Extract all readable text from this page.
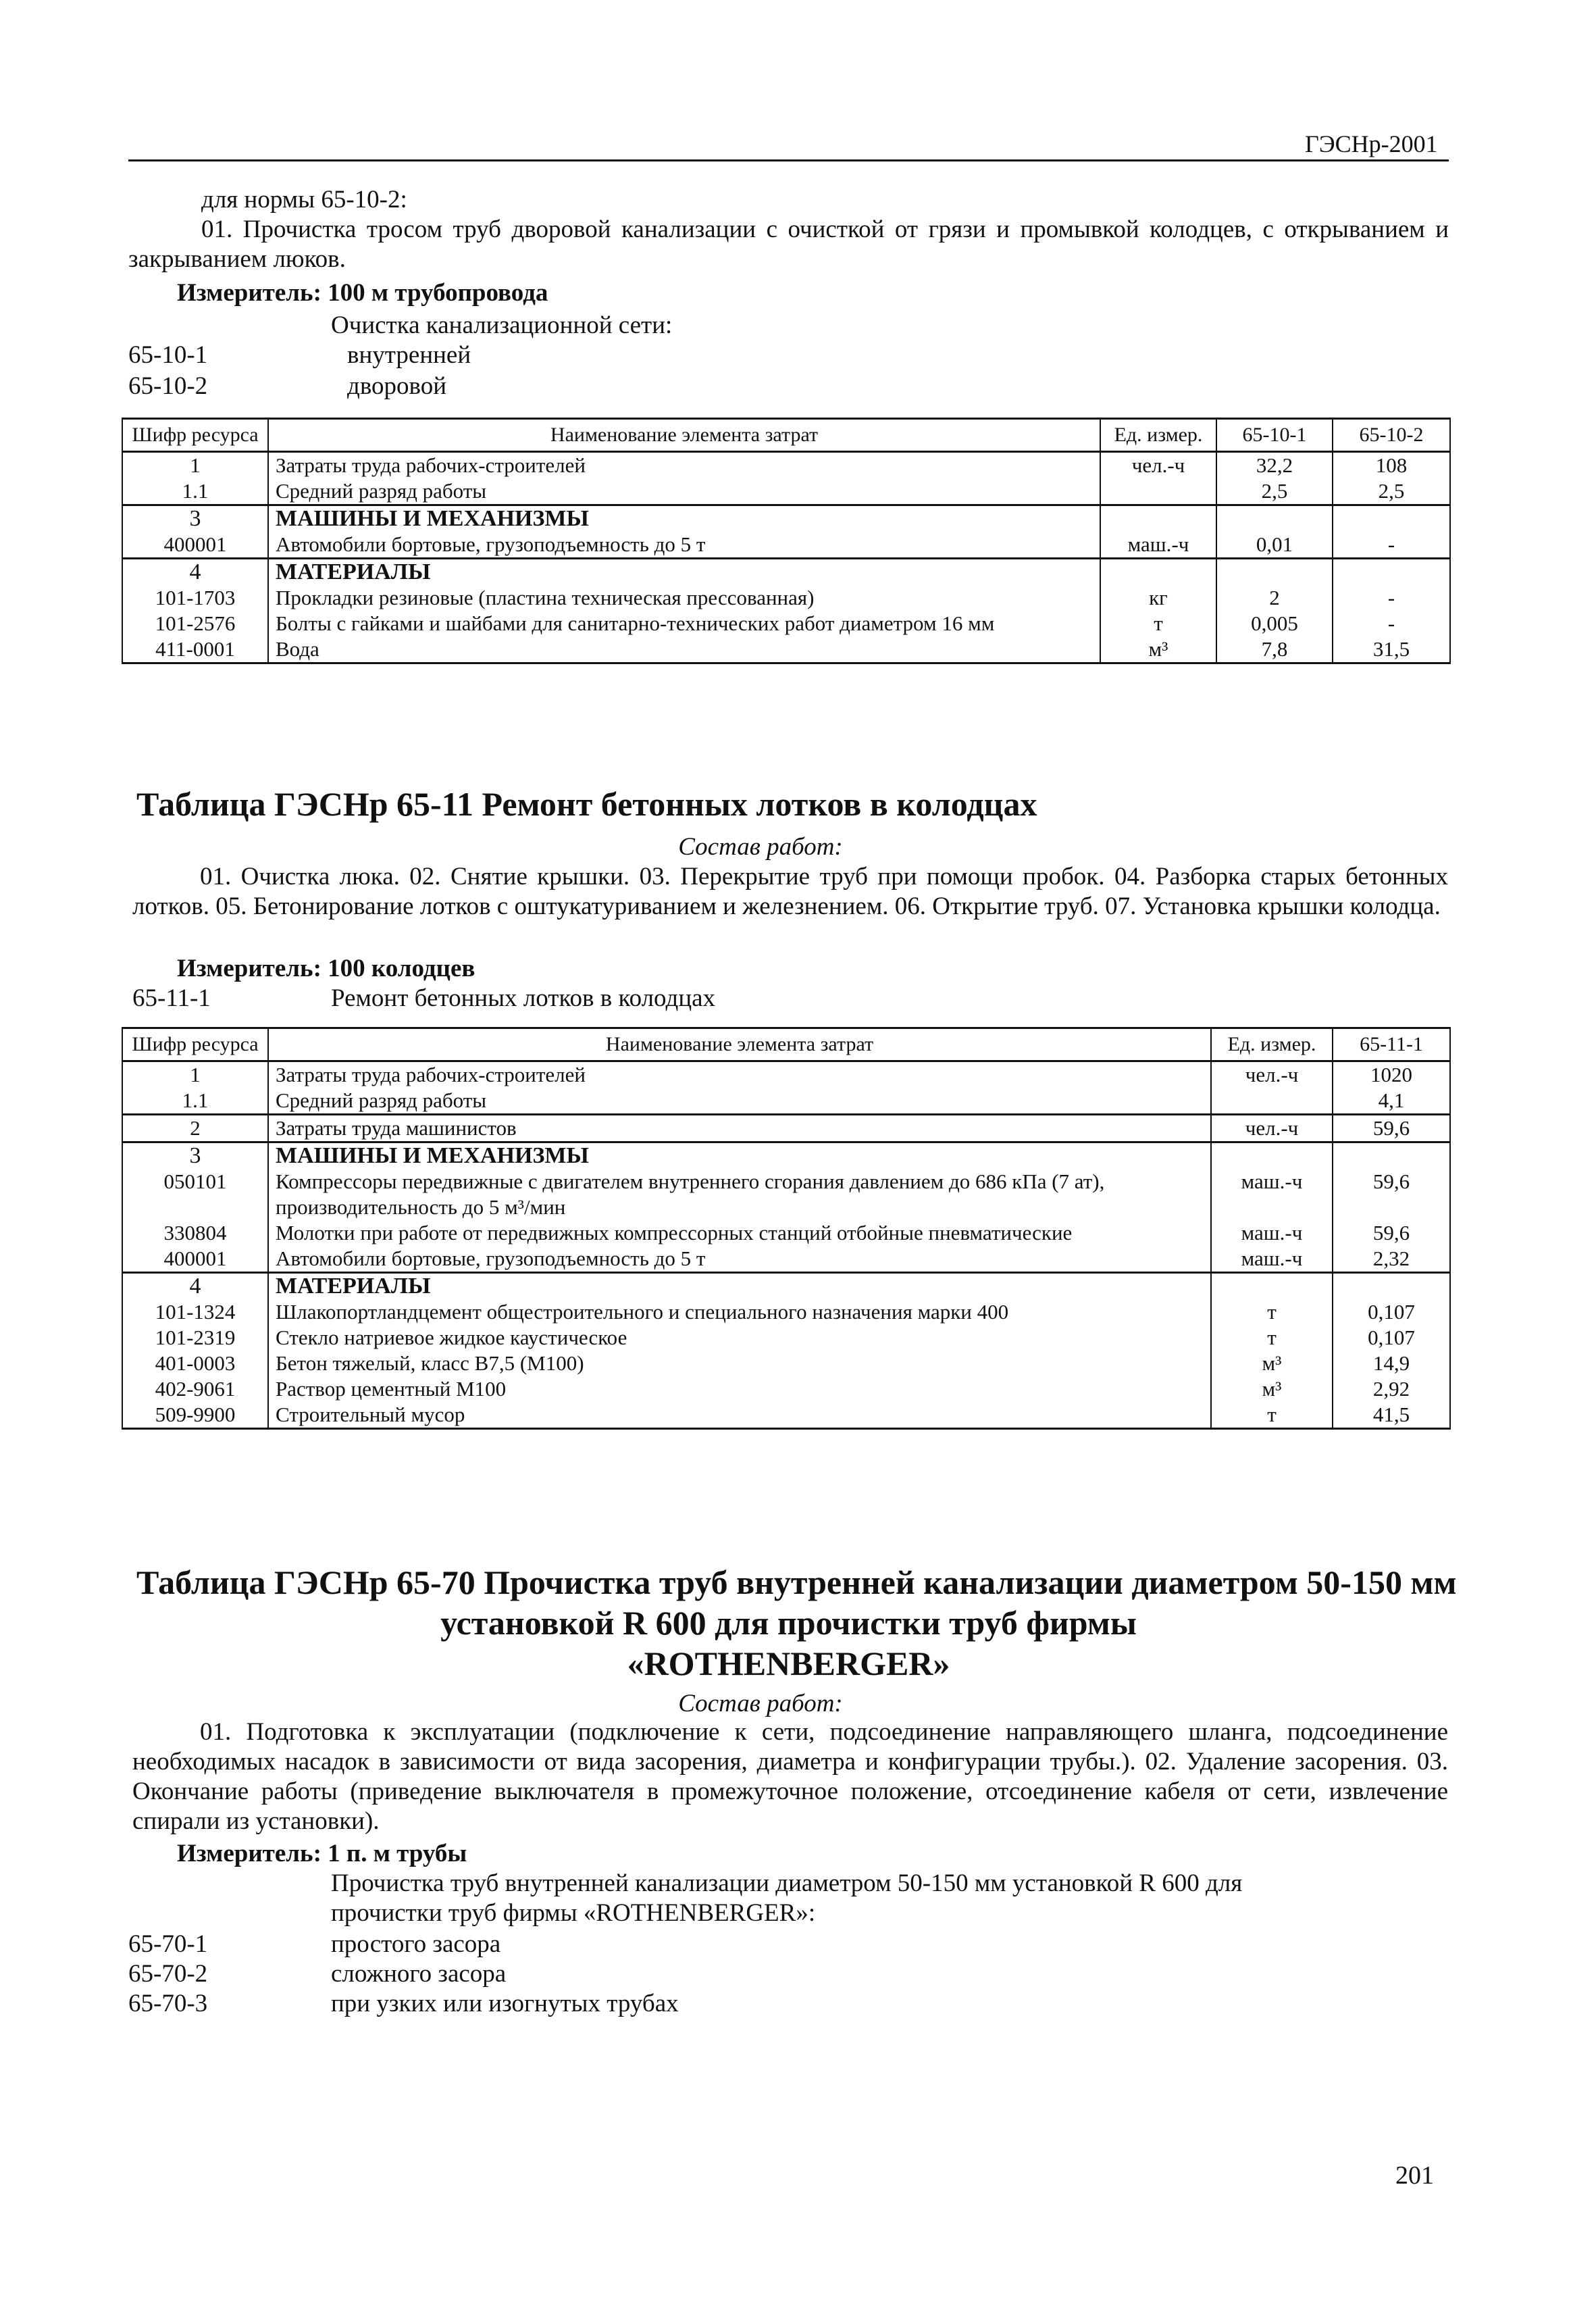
ГЭСНр-2001
для нормы 65-10-2:
01. Прочистка тросом труб дворовой канализации с очисткой от грязи и промывкой колодцев, с открыванием и закрыванием люков.
Измеритель: 100 м трубопровода
Очистка канализационной сети:
65-10-1	внутренней
65-10-2	дворовой
Шифр ресурса	Наименование элемента затрат	Ед. измер.	65-10-1	65-10-2
1	Затраты труда рабочих-строителей	чел.-ч	32,2	108
1.1	Средний разряд работы		2,5	2,5
3	МАШИНЫ И МЕХАНИЗМЫ			
400001	Автомобили бортовые, грузоподъемность до 5 т	маш.-ч	0,01	-
4	МАТЕРИАЛЫ			
101-1703	Прокладки резиновые (пластина техническая прессованная)	кг	2	-
101-2576	Болты с гайками и шайбами для санитарно-технических работ диаметром 16 мм	т	0,005	-
411-0001	Вода	м³	7,8	31,5
Таблица ГЭСНр 65-11 Ремонт бетонных лотков в колодцах
Состав работ:
01. Очистка люка. 02. Снятие крышки. 03. Перекрытие труб при помощи пробок. 04. Разборка старых бетонных лотков. 05. Бетонирование лотков с оштукатуриванием и железнением. 06. Открытие труб. 07. Установка крышки колодца.
Измеритель: 100 колодцев
65-11-1	Ремонт бетонных лотков в колодцах
Шифр ресурса	Наименование элемента затрат	Ед. измер.	65-11-1
1	Затраты труда рабочих-строителей	чел.-ч	1020
1.1	Средний разряд работы		4,1
2	Затраты труда машинистов	чел.-ч	59,6
3	МАШИНЫ И МЕХАНИЗМЫ		
050101	Компрессоры передвижные с двигателем внутреннего сгорания давлением до 686 кПа (7 ат), производительность до 5 м³/мин	маш.-ч	59,6
330804	Молотки при работе от передвижных компрессорных станций отбойные пневматические	маш.-ч	59,6
400001	Автомобили бортовые, грузоподъемность до 5 т	маш.-ч	2,32
4	МАТЕРИАЛЫ		
101-1324	Шлакопортландцемент общестроительного и специального назначения марки 400	т	0,107
101-2319	Стекло натриевое жидкое каустическое	т	0,107
401-0003	Бетон тяжелый, класс В7,5 (М100)	м³	14,9
402-9061	Раствор цементный М100	м³	2,92
509-9900	Строительный мусор	т	41,5
Таблица ГЭСНр 65-70 Прочистка труб внутренней канализации диаметром 50-150 мм
установкой R 600 для прочистки труб фирмы
«ROTHENBERGER»
Состав работ:
01. Подготовка к эксплуатации (подключение к сети, подсоединение направляющего шланга, подсоединение необходимых насадок в зависимости от вида засорения, диаметра и конфигурации трубы.). 02. Удаление засорения. 03. Окончание работы (приведение выключателя в промежуточное положение, отсоединение кабеля от сети, извлечение спирали из установки).
Измеритель: 1 п. м трубы
Прочистка труб внутренней канализации диаметром 50-150 мм установкой R 600 для прочистки труб фирмы «ROTHENBERGER»:
65-70-1	простого засора
65-70-2	сложного засора
65-70-3	при узких или изогнутых трубах
201
